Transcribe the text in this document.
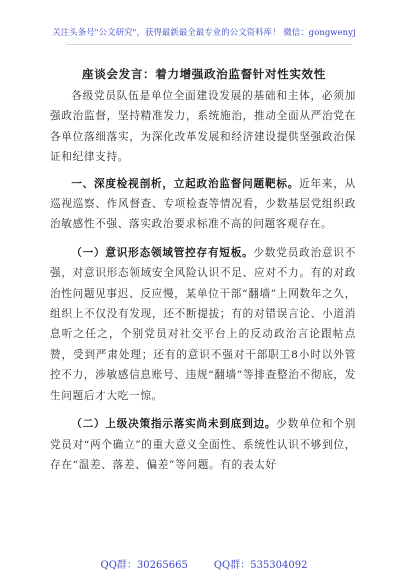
关注头条号"公文研究"，获得最新最全最专业的公文资料库！ 微信：gongwenyj
座谈会发言：着力增强政治监督针对性实效性

各级党员队伍是单位全面建设发展的基础和主体，必须加强政治监督，坚持精准发力，系统施治，推动全面从严治党在各单位落细落实，为深化改革发展和经济建设提供坚强政治保证和纪律支持。

一、深度检视剖析，立起政治监督问题靶标。近年来，从巡视巡察、作风督查、专项检查等情况看，少数基层党组织政治敏感性不强、落实政治要求标准不高的问题客观存在。

（一）意识形态领域管控存有短板。少数党员政治意识不强，对意识形态领域安全风险认识不足、应对不力。有的对政治性问题见事迟、反应慢，某单位干部“翻墙”上网数年之久，组织上不仅没有发现，还不断提拔；有的对错误言论、小道消息听之任之，个别党员对社交平台上的反动政治言论跟帖点赞，受到严肃处理；还有的意识不强对干部职工8小时以外管控不力，涉敏感信息账号、违规“翻墙”等排查整治不彻底，发生问题后才大吃一惊。

（二）上级决策指示落实尚未到底到边。少数单位和个别党员对“两个确立”的重大意义全面性、系统性认识不够到位，存在“温差、落差、偏差”等问题。有的表太好

QQ群：30265665	QQ群：535304092
